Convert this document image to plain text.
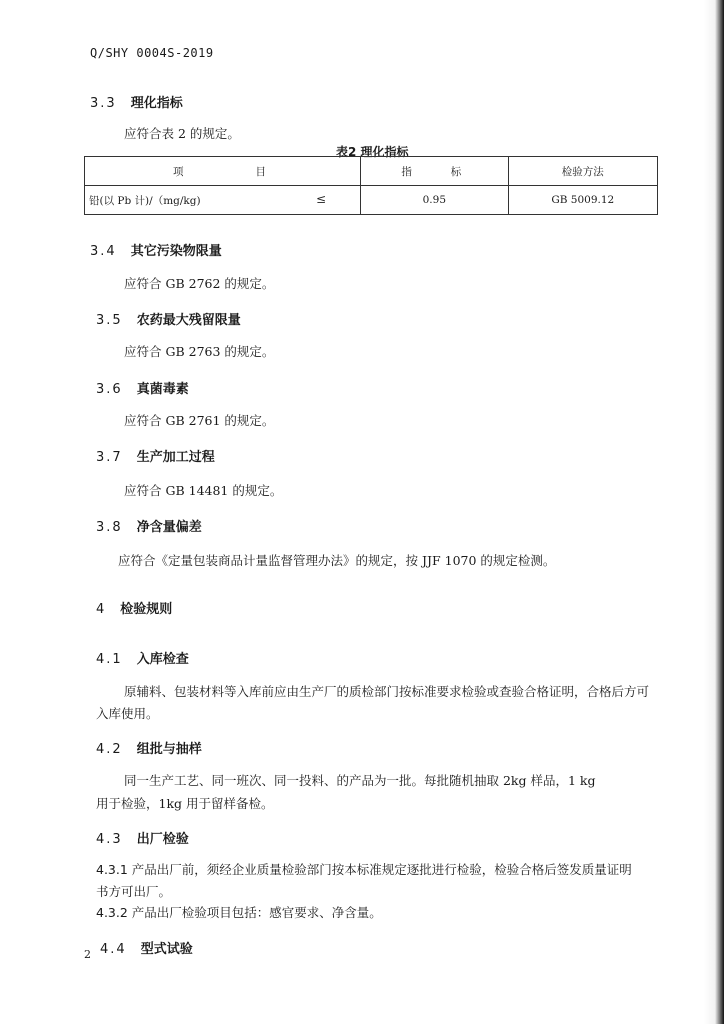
Q/SHY 0004S-2019
3.3 理化指标
应符合表 2 的规定。
表2 理化指标
项　　　　目	指　　标	检验方法
铅(以 Pb 计)/（mg/kg) ≤	0.95	GB 5009.12
3.4 其它污染物限量
应符合 GB 2762 的规定。
3.5 农药最大残留限量
应符合 GB 2763 的规定。
3.6 真菌毒素
应符合 GB 2761 的规定。
3.7 生产加工过程
应符合 GB 14481 的规定。
3.8 净含量偏差
应符合《定量包装商品计量监督管理办法》的规定，按 JJF 1070 的规定检测。
4 检验规则
4.1 入库检查
原辅料、包装材料等入库前应由生产厂的质检部门按标准要求检验或查验合格证明，合格后方可
入库使用。
4.2 组批与抽样
同一生产工艺、同一班次、同一投料、的产品为一批。每批随机抽取 2kg 样品，1 kg
用于检验，1kg 用于留样备检。
4.3 出厂检验
4.3.1 产品出厂前，须经企业质量检验部门按本标准规定逐批进行检验，检验合格后签发质量证明
书方可出厂。
4.3.2 产品出厂检验项目包括：感官要求、净含量。
4.4 型式试验
2
